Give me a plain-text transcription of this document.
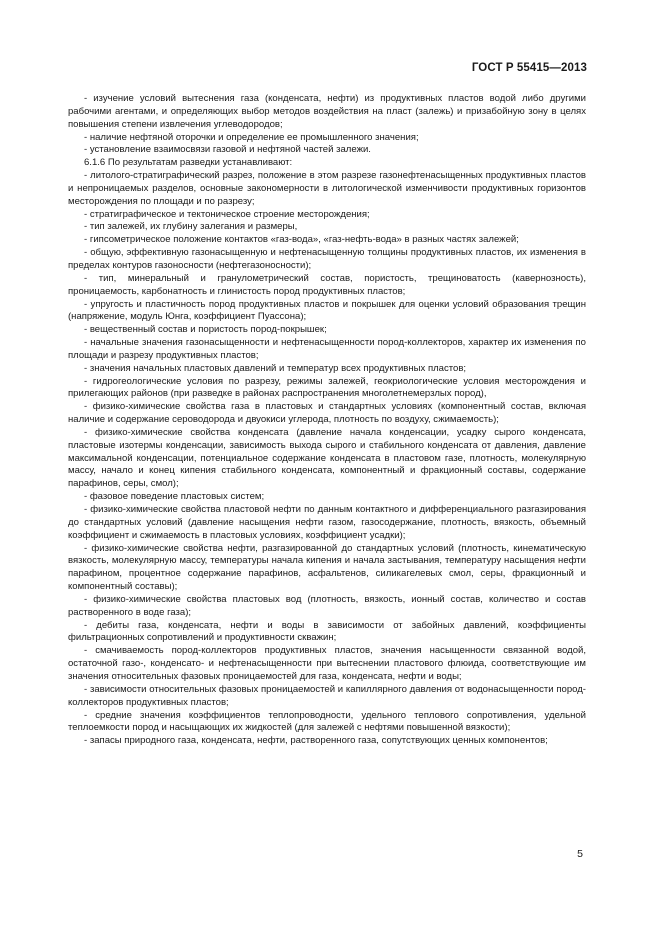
ГОСТ Р 55415—2013

- изучение условий вытеснения газа (конденсата, нефти) из продуктивных пластов водой либо другими рабочими агентами, и определяющих выбор методов воздействия на пласт (залежь) и призабойную зону в целях повышения степени извлечения углеводородов;

- наличие нефтяной оторочки и определение ее промышленного значения;

- установление взаимосвязи газовой и нефтяной частей залежи.

6.1.6 По результатам разведки устанавливают:

- литолого-стратиграфический разрез, положение в этом разрезе газонефтенасыщенных продуктивных пластов и непроницаемых разделов, основные закономерности в литологической изменчивости продуктивных горизонтов месторождения по площади и по разрезу;

- стратиграфическое и тектоническое строение месторождения;

- тип залежей, их глубину залегания и размеры,

- гипсометрическое положение контактов «газ-вода», «газ-нефть-вода» в разных частях залежей;

- общую, эффективную газонасыщенную и нефтенасыщенную толщины продуктивных пластов, их изменения в пределах контуров газоносности (нефтегазоносности);

- тип, минеральный и гранулометрический состав, пористость, трещиноватость (кавернозность), проницаемость, карбонатность и глинистость пород продуктивных пластов;

- упругость и пластичность пород продуктивных пластов и покрышек для оценки условий образования трещин (напряжение, модуль Юнга, коэффициент Пуассона);

- вещественный состав и пористость пород-покрышек;

- начальные значения газонасыщенности и нефтенасыщенности пород-коллекторов, характер их изменения по площади и разрезу продуктивных пластов;

- значения начальных пластовых давлений и температур всех продуктивных пластов;

- гидрогеологические условия по разрезу, режимы залежей, геокриологические условия месторождения и прилегающих районов (при разведке в районах распространения многолетнемерзлых пород),

- физико-химические свойства газа в пластовых и стандартных условиях (компонентный состав, включая наличие и содержание сероводорода и двуокиси углерода, плотность по воздуху, сжимаемость);

- физико-химические свойства конденсата (давление начала конденсации, усадку сырого конденсата, пластовые изотермы конденсации, зависимость выхода сырого и стабильного конденсата от давления, давление максимальной конденсации, потенциальное содержание конденсата в пластовом газе, плотность, молекулярную массу, начало и конец кипения стабильного конденсата, компонентный и фракционный составы, содержание парафинов, серы, смол);

- фазовое поведение пластовых систем;

- физико-химические свойства пластовой нефти по данным контактного и дифференциального разгазирования до стандартных условий (давление насыщения нефти газом, газосодержание, плотность, вязкость, объемный коэффициент и сжимаемость в пластовых условиях, коэффициент усадки);

- физико-химические свойства нефти, разгазированной до стандартных условий (плотность, кинематическую вязкость, молекулярную массу, температуры начала кипения и начала застывания, температуру насыщения нефти парафином, процентное содержание парафинов, асфальтенов, силикагелевых смол, серы, фракционный и компонентный составы);

- физико-химические свойства пластовых вод (плотность, вязкость, ионный состав, количество и состав растворенного в воде газа);

- дебиты газа, конденсата, нефти и воды в зависимости от забойных давлений, коэффициенты фильтрационных сопротивлений и продуктивности скважин;

- смачиваемость пород-коллекторов продуктивных пластов, значения насыщенности связанной водой, остаточной газо-, конденсато- и нефтенасыщенности при вытеснении пластового флюида, соответствующие им значения относительных фазовых проницаемостей для газа, конденсата, нефти и воды;

- зависимости относительных фазовых проницаемостей и капиллярного давления от водонасыщенности пород-коллекторов продуктивных пластов;

- средние значения коэффициентов теплопроводности, удельного теплового сопротивления, удельной теплоемкости пород и насыщающих их жидкостей (для залежей с нефтями повышенной вязкости);

- запасы природного газа, конденсата, нефти, растворенного газа, сопутствующих ценных компонентов;

5
